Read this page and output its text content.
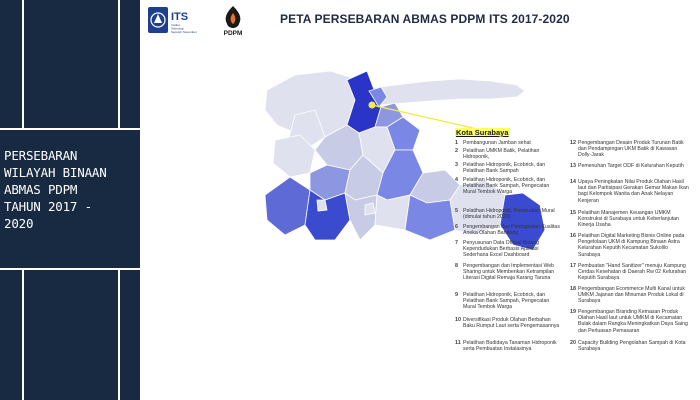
PERSEBARAN
WILAYAH BINAAN
ABMAS PDPM
TAHUN 2017 -
2020
ITS
Institut
Teknologi
Sepuluh Nopember	PDPM
PETA PERSEBARAN ABMAS PDPM ITS 2017-2020
Kota Surabaya
1 Pembangunan Jamban sehat
2 Pelatihan UMKM Batik, Pelatihan Hidroponik,
3 Pelatihan Hidroponik, Ecobrick, dan Pelatihan Bank Sampah
4 Pelatihan Hidroponik, Ecobrick, dan Pelatihan Bank Sampah, Pengecatan Mural Tembok Warga
5 Pelatihan Hidroponik, Pembuatan Mural (dimulai tahun 2020)
6 Pengembangan dan Peningkatan Kualitas Aneka Olahan Bandeng
7 Penyusunan Data Official Bidang Kependudukan Berbasis Aplikasi Sederhana Excel Dashboard
8 Pengembangan dan Implementasi Web Sharing untuk Memberikan Ketrampilan Literasi Digital Remaja Karang Taruna
9 Pelatihan Hidroponik, Ecobrick, dan Pelatihan Bank Sampah, Pengecatan Mural Tembok Warga
10 Diversifikasi Produk Olahan Berbahan Baku Rumput Laut serta Pengemasannya
11 Pelatihan Budidaya Tanaman Hidroponik serta Pembuatan Instalasinya
12 Pengembangan Desain Produk Turunan Batik dan Pendampingan UKM Batik di Kawasan Dolly-Jarak
13 Pemenuhan Target ODF di Kelurahan Keputih
14 Upaya Peningkatan Nilai Produk Olahan Hasil laut dan Partisipasi Gerakan Gemar Makan Ikan bagi Kelompok Wanita dan Anak Nelayan Kenjeran
15 Pelatihan Manajemen Keuangan UMKM Konstruksi di Surabaya untuk Keberlanjutan Kinerja Usaha
16 Pelatihan Digital Marketing Bisnis Online pada Pengelolaan UKM di Kampung Binaan Astra Kelurahan Keputih Kecamatan Sukolilo Surabaya
17 Pembuatan "Hand Sanitizer" menuju Kampung Cerdas Kesehatan di Daerah Rw 02 Kelurahan Keputih Surabaya
18 Pengembangan Ecommerce Multi Kanal untuk UMKM Jajanan dan Minuman Produk Lokal di Surabaya
19 Pengembangan Branding Kemasan Produk Olahan Hasil laut untuk UMKM di Kecamatan Bulak dalam Rangka Meningkatkan Daya Saing dan Perluasan Pemasaran
20 Capacity Building Pengolahan Sampah di Kota Surabaya
